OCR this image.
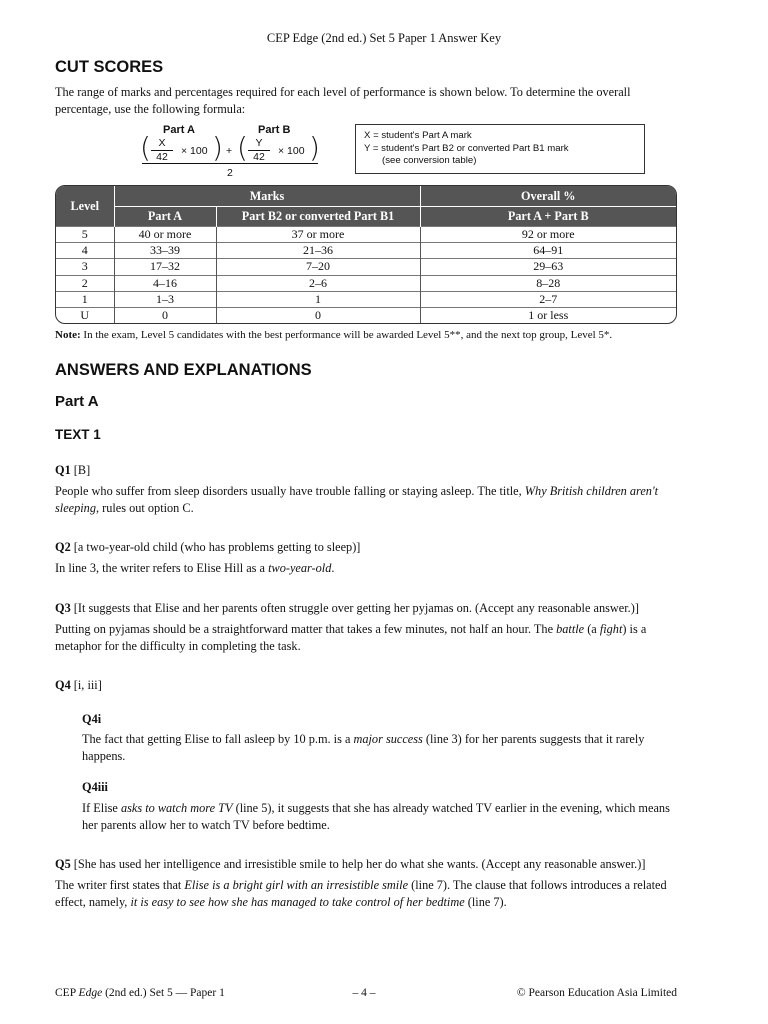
CEP Edge (2nd ed.) Set 5 Paper 1 Answer Key
CUT SCORES

The range of marks and percentages required for each level of performance is shown below. To determine the overall percentage, use the following formula:

Part A	Part B
( $\frac{X}{42} \times 100$ ) + ( $\frac{Y}{42} \times 100$ )
2
X = student's Part A mark
Y = student's Part B2 or converted Part B1 mark
(see conversion table)
Level	Marks		Overall %
	Part A	Part B2 or converted Part B1	Part A + Part B
5	40 or more	37 or more	92 or more
4	33–39	21–36	64–91
3	17–32	7–20	29–63
2	4–16	2–6	8–28
1	1–3	1	2–7
U	0	0	1 or less

Note: In the exam, Level 5 candidates with the best performance will be awarded Level 5**, and the next top group, Level 5*.

ANSWERS AND EXPLANATIONS
Part A
TEXT 1

Q1 [B]

People who suffer from sleep disorders usually have trouble falling or staying asleep. The title, Why British children aren't sleeping, rules out option C.

Q2 [a two-year-old child (who has problems getting to sleep)]

In line 3, the writer refers to Elise Hill as a two-year-old.

Q3 [It suggests that Elise and her parents often struggle over getting her pyjamas on. (Accept any reasonable answer.)]

Putting on pyjamas should be a straightforward matter that takes a few minutes, not half an hour. The battle (a fight) is a metaphor for the difficulty in completing the task.

Q4 [i, iii]

Q4i

The fact that getting Elise to fall asleep by 10 p.m. is a major success (line 3) for her parents suggests that it rarely happens.

Q4iii

If Elise asks to watch more TV (line 5), it suggests that she has already watched TV earlier in the evening, which means her parents allow her to watch TV before bedtime.

Q5 [She has used her intelligence and irresistible smile to help her do what she wants. (Accept any reasonable answer.)]

The writer first states that Elise is a bright girl with an irresistible smile (line 7). The clause that follows introduces a related effect, namely, it is easy to see how she has managed to take control of her bedtime (line 7).

CEP Edge (2nd ed.) Set 5 — Paper 1	– 4 –	© Pearson Education Asia Limited
